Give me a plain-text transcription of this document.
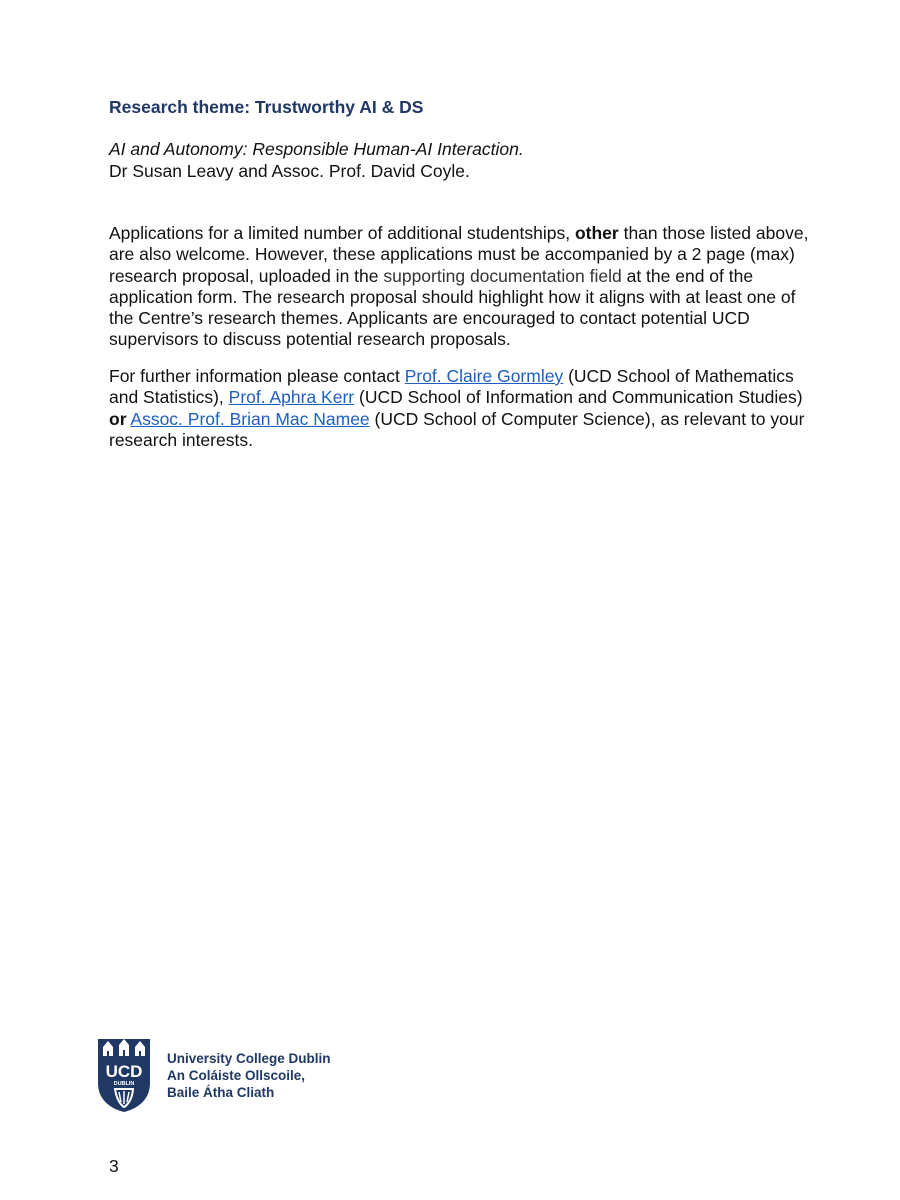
Research theme: Trustworthy AI & DS
AI and Autonomy: Responsible Human-AI Interaction.
Dr Susan Leavy and Assoc. Prof. David Coyle.

Applications for a limited number of additional studentships, other than those listed above, are also welcome. However, these applications must be accompanied by a 2 page (max) research proposal, uploaded in the supporting documentation field at the end of the application form. The research proposal should highlight how it aligns with at least one of the Centre’s research themes. Applicants are encouraged to contact potential UCD supervisors to discuss potential research proposals.

For further information please contact Prof. Claire Gormley (UCD School of Mathematics and Statistics), Prof. Aphra Kerr (UCD School of Information and Communication Studies) or Assoc. Prof. Brian Mac Namee (UCD School of Computer Science), as relevant to your research interests.

UCD
DUBLIN
University College Dublin
An Coláiste Ollscoile,
Baile Átha Cliath
3
